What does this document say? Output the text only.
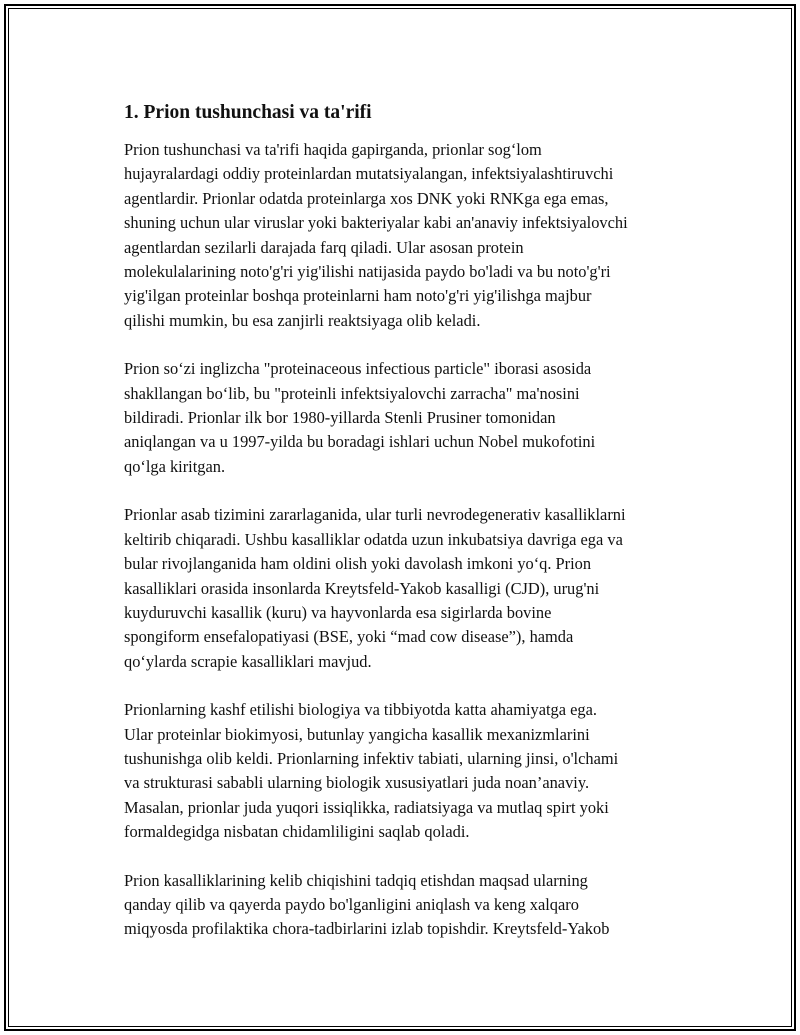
1. Prion tushunchasi va ta'rifi

Prion tushunchasi va ta'rifi haqida gapirganda, prionlar sog‘lom
hujayralardagi oddiy proteinlardan mutatsiyalangan, infektsiyalashtiruvchi
agentlardir. Prionlar odatda proteinlarga xos DNK yoki RNKga ega emas,
shuning uchun ular viruslar yoki bakteriyalar kabi an'anaviy infektsiyalovchi
agentlardan sezilarli darajada farq qiladi. Ular asosan protein
molekulalarining noto'g'ri yig'ilishi natijasida paydo bo'ladi va bu noto'g'ri
yig'ilgan proteinlar boshqa proteinlarni ham noto'g'ri yig'ilishga majbur
qilishi mumkin, bu esa zanjirli reaktsiyaga olib keladi.

Prion so‘zi inglizcha "proteinaceous infectious particle" iborasi asosida
shakllangan bo‘lib, bu "proteinli infektsiyalovchi zarracha" ma'nosini
bildiradi. Prionlar ilk bor 1980-yillarda Stenli Prusiner tomonidan
aniqlangan va u 1997-yilda bu boradagi ishlari uchun Nobel mukofotini
qo‘lga kiritgan.

Prionlar asab tizimini zararlaganida, ular turli nevrodegenerativ kasalliklarni
keltirib chiqaradi. Ushbu kasalliklar odatda uzun inkubatsiya davriga ega va
bular rivojlanganida ham oldini olish yoki davolash imkoni yo‘q. Prion
kasalliklari orasida insonlarda Kreytsfeld-Yakob kasalligi (CJD), urug'ni
kuyduruvchi kasallik (kuru) va hayvonlarda esa sigirlarda bovine
spongiform ensefalopatiyasi (BSE, yoki “mad cow disease”), hamda
qo‘ylarda scrapie kasalliklari mavjud.

Prionlarning kashf etilishi biologiya va tibbiyotda katta ahamiyatga ega.
Ular proteinlar biokimyosi, butunlay yangicha kasallik mexanizmlarini
tushunishga olib keldi. Prionlarning infektiv tabiati, ularning jinsi, o'lchami
va strukturasi sababli ularning biologik xususiyatlari juda noan’anaviy.
Masalan, prionlar juda yuqori issiqlikka, radiatsiyaga va mutlaq spirt yoki
formaldegidga nisbatan chidamliligini saqlab qoladi.

Prion kasalliklarining kelib chiqishini tadqiq etishdan maqsad ularning
qanday qilib va qayerda paydo bo'lganligini aniqlash va keng xalqaro
miqyosda profilaktika chora-tadbirlarini izlab topishdir. Kreytsfeld-Yakob
